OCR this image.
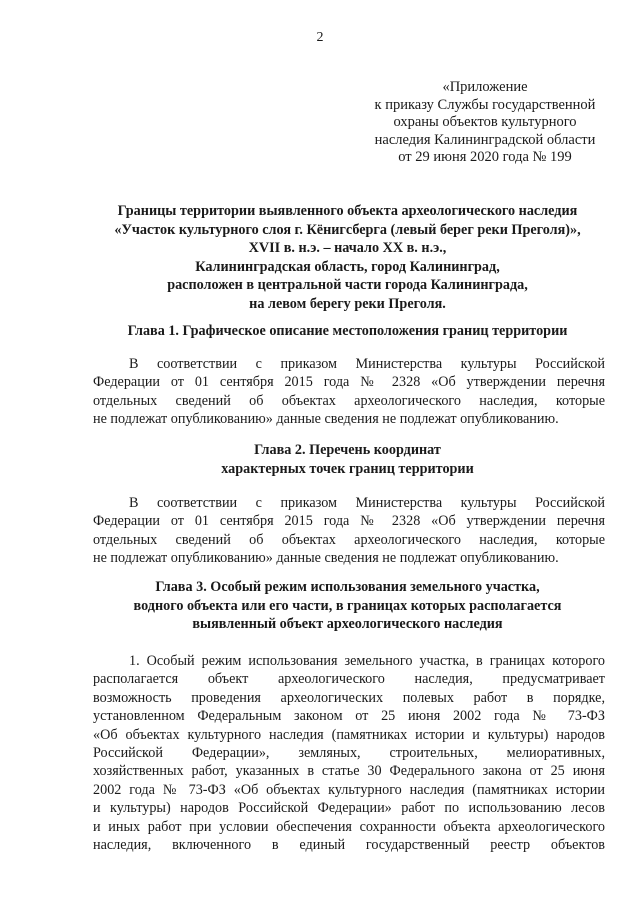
2
«Приложение
к приказу Службы государственной
охраны объектов культурного
наследия Калининградской области
от 29 июня 2020 года № 199
Границы территории выявленного объекта археологического наследия
«Участок культурного слоя г. Кёнигсберга (левый берег реки Преголя)»,
XVII в. н.э. – начало XX в. н.э.,
Калининградская область, город Калининград,
расположен в центральной части города Калининграда,
на левом берегу реки Преголя.
Глава 1. Графическое описание местоположения границ территории
В соответствии с приказом Министерства культуры Российской
Федерации от 01 сентября 2015 года № 2328 «Об утверждении перечня
отдельных сведений об объектах археологического наследия, которые
не подлежат опубликованию» данные сведения не подлежат опубликованию.
Глава 2. Перечень координат
характерных точек границ территории
В соответствии с приказом Министерства культуры Российской
Федерации от 01 сентября 2015 года № 2328 «Об утверждении перечня
отдельных сведений об объектах археологического наследия, которые
не подлежат опубликованию» данные сведения не подлежат опубликованию.
Глава 3. Особый режим использования земельного участка,
водного объекта или его части, в границах которых располагается
выявленный объект археологического наследия
1. Особый режим использования земельного участка, в границах которого
располагается объект археологического наследия, предусматривает
возможность проведения археологических полевых работ в порядке,
установленном Федеральным законом от 25 июня 2002 года № 73-ФЗ
«Об объектах культурного наследия (памятниках истории и культуры) народов
Российской Федерации», земляных, строительных, мелиоративных,
хозяйственных работ, указанных в статье 30 Федерального закона от 25 июня
2002 года № 73-ФЗ «Об объектах культурного наследия (памятниках истории
и культуры) народов Российской Федерации» работ по использованию лесов
и иных работ при условии обеспечения сохранности объекта археологического
наследия, включенного в единый государственный реестр объектов
